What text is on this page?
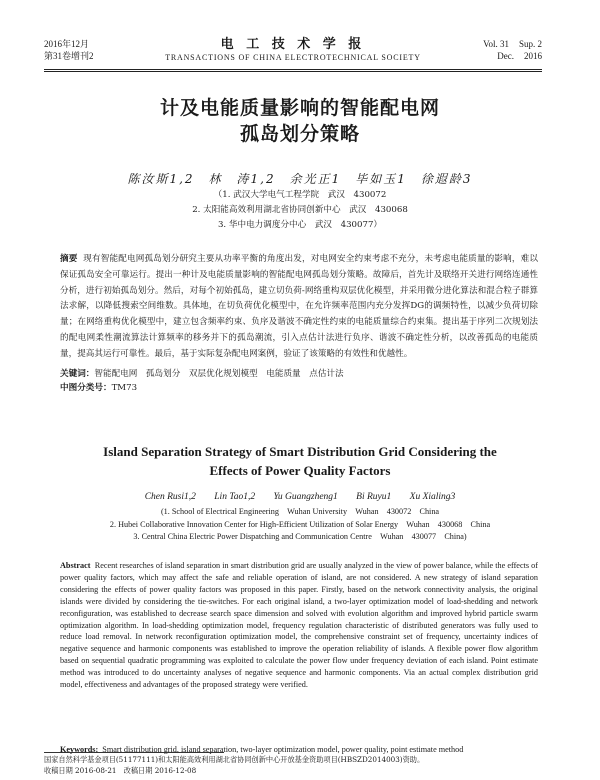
2016年12月
第31卷增刊2
电 工 技 术 学 报
TRANSACTIONS OF CHINA ELECTROTECHNICAL SOCIETY
Vol. 31 Sup. 2
Dec. 2016
计及电能质量影响的智能配电网
孤岛划分策略
陈汝斯1,2　林　涛1,2　余光正1　毕如玉1　徐遐龄3
（1. 武汉大学电气工程学院　武汉　430072
2. 太阳能高效利用湖北省协同创新中心　武汉　430068
3. 华中电力调度分中心　武汉　430077）
摘要 现有智能配电网孤岛划分研究主要从功率平衡的角度出发，对电网安全约束考虑不充分，未考虑电能质量的影响，难以保证孤岛安全可靠运行。提出一种计及电能质量影响的智能配电网孤岛划分策略。故障后，首先计及联络开关进行网络连通性分析，进行初始孤岛划分。然后，对每个初始孤岛，建立切负荷-网络重构双层优化模型，并采用微分进化算法和混合粒子群算法求解，以降低搜索空间维数。具体地，在切负荷优化模型中，在允许频率范围内充分发挥DG的调频特性，以减少负荷切除量；在网络重构优化模型中，建立包含频率约束、负序及谐波不确定性约束的电能质量综合约束集。提出基于序列二次规划法的配电网柔性潮流算法计算频率的移务并下的孤岛潮流，引入点估计法进行负序、谐波不确定性分析，以改善孤岛的电能质量，提高其运行可靠性。最后，基于实际复杂配电网案例，验证了该策略的有效性和优越性。
关键词：智能配电网　孤岛划分　双层优化规划模型　电能质量　点估计法
中图分类号：TM73
Island Separation Strategy of Smart Distribution Grid Considering the
Effects of Power Quality Factors
Chen Rusi1,2 Lin Tao1,2 Yu Guangzheng1 Bi Ruyu1 Xu Xialing3
(1. School of Electrical Engineering　Wuhan University　Wuhan　430072　China
2. Hubei Collaborative Innovation Center for High-Efficient Utilization of Solar Energy　Wuhan　430068　China
3. Central China Electric Power Dispatching and Communication Centre　Wuhan　430077　China)
Abstract Recent researches of island separation in smart distribution grid are usually analyzed in the view of power balance, while the effects of power quality factors, which may affect the safe and reliable operation of island, are not considered. A new strategy of island separation considering the effects of power quality factors was proposed in this paper. Firstly, based on the network connectivity analysis, the original islands were divided by considering the tie-switches. For each original island, a two-layer optimization model of load-shedding and network reconfiguration, was established to decrease search space dimension and solved with evolution algorithm and improved hybrid particle swarm optimization algorithm. In load-shedding optimization model, frequency regulation characteristic of distributed generators was fully used to reduce load removal. In network reconfiguration optimization model, the comprehensive constraint set of frequency, uncertainty indices of negative sequence and harmonic components was established to improve the operation reliability of islands. A flexible power flow algorithm based on sequential quadratic programming was exploited to calculate the power flow under frequency deviation of each island. Point estimate method was introduced to do uncertainty analyses of negative sequence and harmonic components. Via an actual complex distribution grid model, effectiveness and advantages of the proposed strategy were verified.
Keywords: Smart distribution grid, island separation, two-layer optimization model, power quality, point estimate method
国家自然科学基金项目(51177111)和太阳能高效利用湖北省协同创新中心开放基金资助项目(HBSZD2014003)资助。
收稿日期 2016-08-21　改稿日期 2016-12-08
